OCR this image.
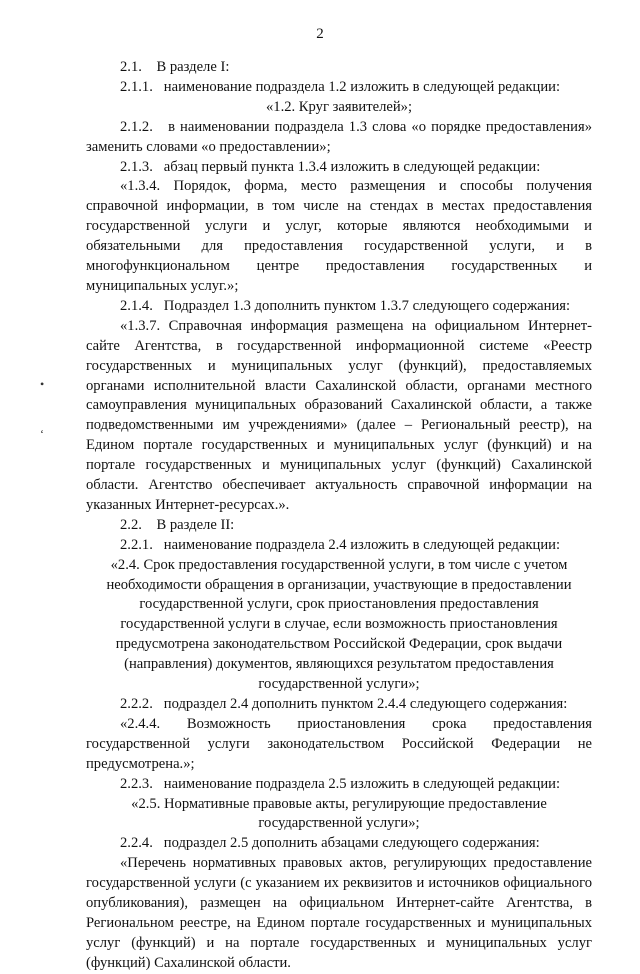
2

2.1.    В разделе I:

2.1.1.   наименование подраздела 1.2 изложить в следующей редакции:

«1.2. Круг заявителей»;

2.1.2.   в наименовании подраздела 1.3 слова «о порядке предоставления» заменить словами «о предоставлении»;

2.1.3.   абзац первый пункта 1.3.4 изложить в следующей редакции:

«1.3.4. Порядок, форма, место размещения и способы получения справочной информации, в том числе на стендах в местах предоставления государственной услуги и услуг, которые являются необходимыми и обязательными для предоставления государственной услуги, и в многофункциональном центре предоставления государственных и муниципальных услуг.»;

2.1.4.   Подраздел 1.3 дополнить пунктом 1.3.7 следующего содержания:

«1.3.7. Справочная информация размещена на официальном Интернет-сайте Агентства, в государственной информационной системе «Реестр государственных и муниципальных услуг (функций), предоставляемых органами исполнительной власти Сахалинской области, органами местного самоуправления муниципальных образований Сахалинской области, а также подведомственными им учреждениями» (далее – Региональный реестр), на Едином портале государственных и муниципальных услуг (функций) и на портале государственных и муниципальных услуг (функций) Сахалинской области. Агентство обеспечивает актуальность справочной информации на указанных Интернет-ресурсах.».

2.2.    В разделе II:

2.2.1.   наименование подраздела 2.4 изложить в следующей редакции:

«2.4. Срок предоставления государственной услуги, в том числе с учетом необходимости обращения в организации, участвующие в предоставлении государственной услуги, срок приостановления предоставления государственной услуги в случае, если возможность приостановления предусмотрена законодательством Российской Федерации, срок выдачи (направления) документов, являющихся результатом предоставления государственной услуги»;

2.2.2.   подраздел 2.4 дополнить пунктом 2.4.4 следующего содержания:

«2.4.4. Возможность приостановления срока предоставления государственной услуги законодательством Российской Федерации не предусмотрена.»;

2.2.3.   наименование подраздела 2.5 изложить в следующей редакции:

«2.5. Нормативные правовые акты, регулирующие предоставление государственной услуги»;

2.2.4.   подраздел 2.5 дополнить абзацами следующего содержания:

«Перечень нормативных правовых актов, регулирующих предоставление государственной услуги (с указанием их реквизитов и источников официального опубликования), размещен на официальном Интернет-сайте Агентства, в Региональном реестре, на Едином портале государственных и муниципальных услуг (функций) и на портале государственных и муниципальных услуг (функций) Сахалинской области.

•
‘
